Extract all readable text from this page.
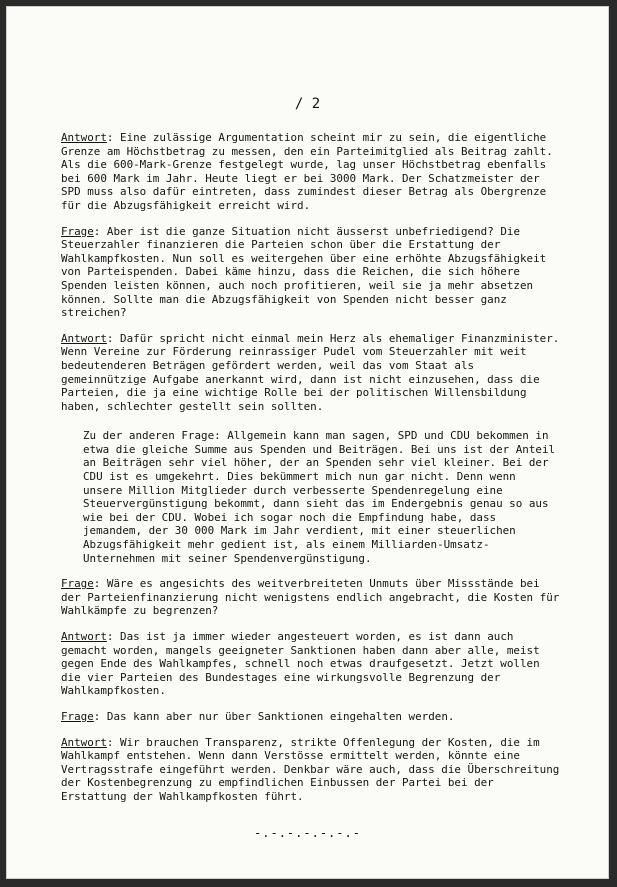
/ 2
Antwort: Eine zulässige Argumentation scheint mir zu sein, die eigentliche Grenze am Höchstbetrag zu messen, den ein Parteimitglied als Beitrag zahlt. Als die 600-Mark-Grenze festgelegt wurde, lag unser Höchstbetrag ebenfalls bei 600 Mark im Jahr. Heute liegt er bei 3000 Mark. Der Schatzmeister der SPD muss also dafür eintreten, dass zumindest dieser Betrag als Obergrenze für die Abzugsfähigkeit erreicht wird.
Frage: Aber ist die ganze Situation nicht äusserst unbefriedigend? Die Steuerzahler finanzieren die Parteien schon über die Erstattung der Wahlkampfkosten. Nun soll es weitergehen über eine erhöhte Abzugsfähigkeit von Parteispenden. Dabei käme hinzu, dass die Reichen, die sich höhere Spenden leisten können, auch noch profitieren, weil sie ja mehr absetzen können. Sollte man die Abzugsfähigkeit von Spenden nicht besser ganz streichen?
Antwort: Dafür spricht nicht einmal mein Herz als ehemaliger Finanzminister. Wenn Vereine zur Förderung reinrassiger Pudel vom Steuerzahler mit weit bedeutenderen Beträgen gefördert werden, weil das vom Staat als gemeinnützige Aufgabe anerkannt wird, dann ist nicht einzusehen, dass die Parteien, die ja eine wichtige Rolle bei der politischen Willensbildung haben, schlechter gestellt sein sollten.
Zu der anderen Frage: Allgemein kann man sagen, SPD und CDU bekommen in etwa die gleiche Summe aus Spenden und Beiträgen. Bei uns ist der Anteil an Beiträgen sehr viel höher, der an Spenden sehr viel kleiner. Bei der CDU ist es umgekehrt. Dies bekümmert mich nun gar nicht. Denn wenn unsere Million Mitglieder durch verbesserte Spendenregelung eine Steuervergünstigung bekommt, dann sieht das im Endergebnis genau so aus wie bei der CDU. Wobei ich sogar noch die Empfindung habe, dass jemandem, der 30 000 Mark im Jahr verdient, mit einer steuerlichen Abzugsfähigkeit mehr gedient ist, als einem Milliarden-Umsatz-Unternehmen mit seiner Spendenvergünstigung.
Frage: Wäre es angesichts des weitverbreiteten Unmuts über Missstände bei der Parteienfinanzierung nicht wenigstens endlich angebracht, die Kosten für Wahlkämpfe zu begrenzen?
Antwort: Das ist ja immer wieder angesteuert worden, es ist dann auch gemacht worden, mangels geeigneter Sanktionen haben dann aber alle, meist gegen Ende des Wahlkampfes, schnell noch etwas draufgesetzt. Jetzt wollen die vier Parteien des Bundestages eine wirkungsvolle Begrenzung der Wahlkampfkosten.
Frage: Das kann aber nur über Sanktionen eingehalten werden.
Antwort: Wir brauchen Transparenz, strikte Offenlegung der Kosten, die im Wahlkampf entstehen. Wenn dann Verstösse ermittelt werden, könnte eine Vertragsstrafe eingeführt werden. Denkbar wäre auch, dass die Überschreitung der Kostenbegrenzung zu empfindlichen Einbussen der Partei bei der Erstattung der Wahlkampfkosten führt.
-.-.-.-.-.-.-
